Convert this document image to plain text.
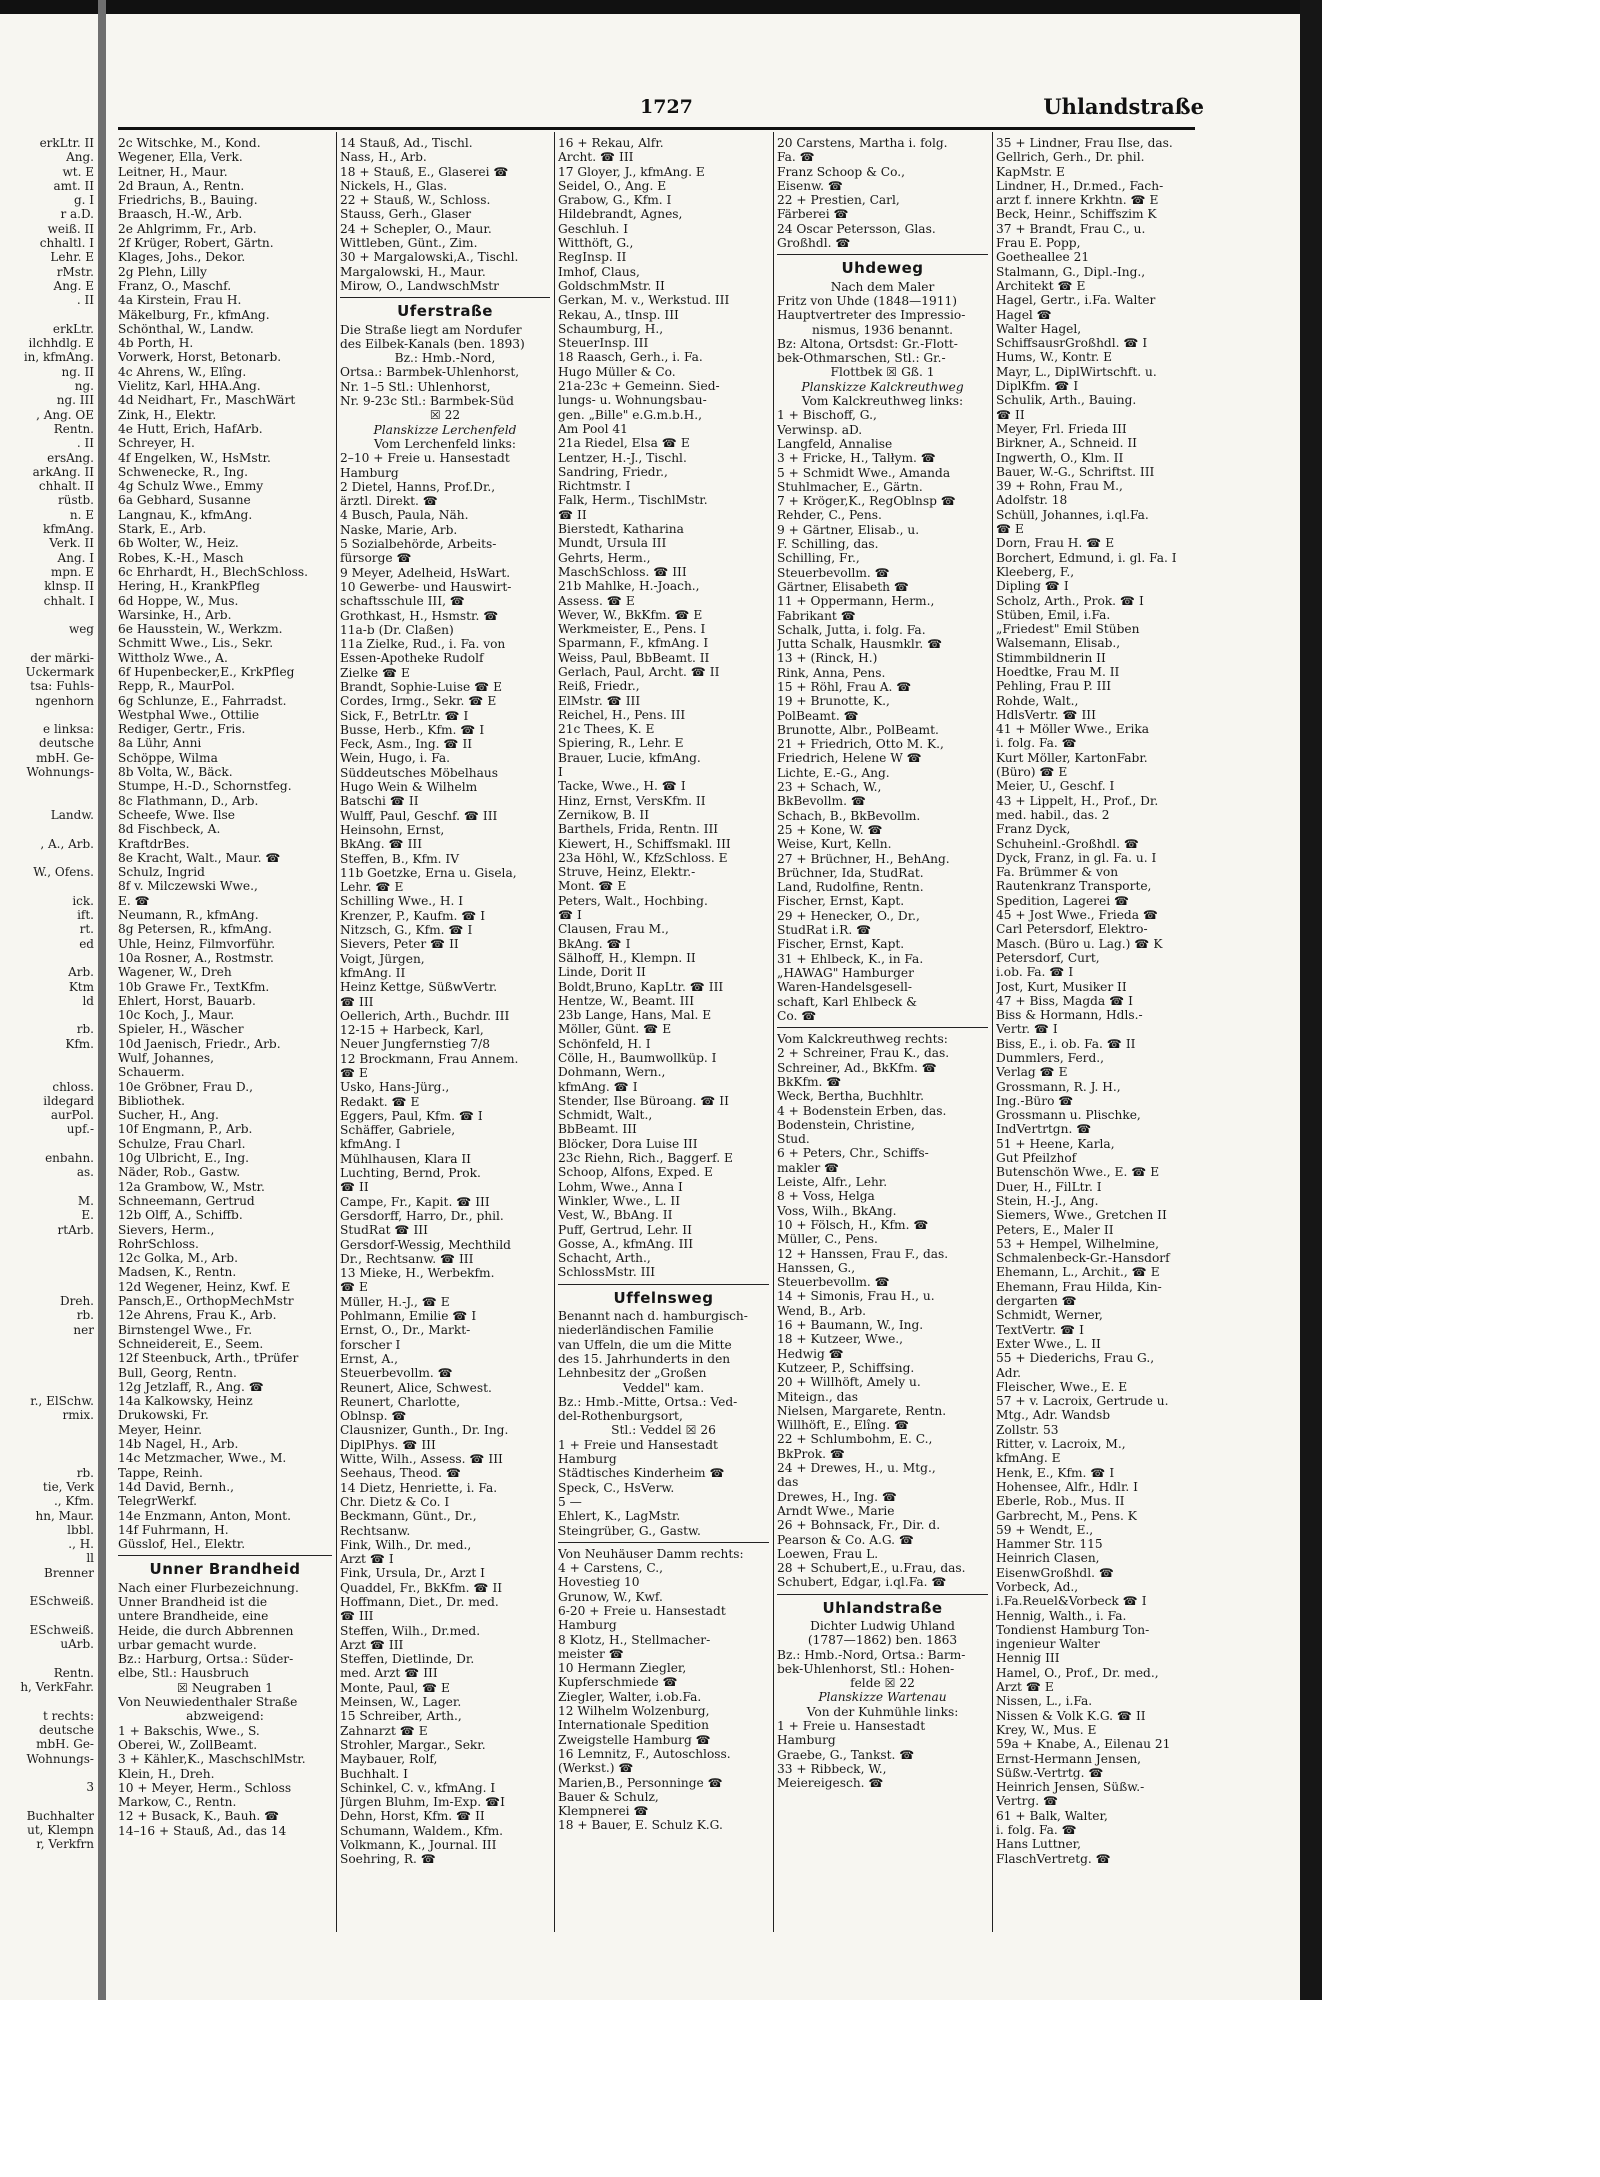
erkLtr. II
Ang.
wt. E
amt. II
g. I
r a.D.
weiß. II
chhaltl. I
Lehr. E
rMstr.
Ang. E
. II

erkLtr.
ilchhdlg. E
in, kfmAng.
ng. II
ng.
ng. III
, Ang. OE
Rentn.
. II
ersAng.
arkAng. II
chhalt. II
rüstb.
n. E
kfmAng.
Verk. II
Ang. I
mpn. E
klnsp. II
chhalt. I

weg

der märki-
Uckermark
tsa: Fuhls-
ngenhorn

e linksa:
deutsche
mbH. Ge-
Wohnungs-

Landw.

, A., Arb.

W., Ofens.

ick.
ift.
rt.
ed

Arb.
Ktm
ld

rb.
Kfm.

chloss.
ildegard
aurPol.
upf.-

enbahn.
as.

M.
E.
rtArb.

Dreh.
rb.
ner

r., ElSchw.
rmix.

rb.
tie, Verk
., Kfm.
hn, Maur.
lbbl.
., H.
ll
Brenner

ESchweiß.

ESchweiß.
uArb.

Rentn.
h, VerkFahr.

t rechts:
deutsche
mbH. Ge-
Wohnungs-

3

Buchhalter
ut, Klempn
r, Verkfrn
1727	Uhlandstraße
2c Witschke, M., Kond.
Wegener, Ella, Verk.
Leitner, H., Maur.
2d Braun, A., Rentn.
Friedrichs, B., Bauing.
Braasch, H.-W., Arb.
2e Ahlgrimm, Fr., Arb.
2f Krüger, Robert, Gärtn.
Klages, Johs., Dekor.
2g Plehn, Lilly
Franz, O., Maschf.
4a Kirstein, Frau H.
Mäkelburg, Fr., kfmAng.
Schönthal, W., Landw.
4b Porth, H.
Vorwerk, Horst, Betonarb.
4c Ahrens, W., Elîng.
Vielitz, Karl, HHA.Ang.
4d Neidhart, Fr., MaschWärt
Zink, H., Elektr.
4e Hutt, Erich, HafArb.
Schreyer, H.
4f Engelken, W., HsMstr.
Schwenecke, R., Ing.
4g Schulz Wwe., Emmy
6a Gebhard, Susanne
Langnau, K., kfmAng.
Stark, E., Arb.
6b Wolter, W., Heiz.
Robes, K.-H., Masch
6c Ehrhardt, H., BlechSchloss.
Hering, H., KrankPfleg
6d Hoppe, W., Mus.
Warsinke, H., Arb.
6e Hausstein, W., Werkzm.
Schmitt Wwe., Lis., Sekr.
Wittholz Wwe., A.
6f Hupenbecker,E., KrkPfleg
Repp, R., MaurPol.
6g Schlunze, E., Fahrradst.
Westphal Wwe., Ottilie
Rediger, Gertr., Fris.
8a Lühr, Anni
Schöppe, Wilma
8b Volta, W., Bäck.
Stumpe, H.-D., Schornstfeg.
8c Flathmann, D., Arb.
Scheefe, Wwe. Ilse
8d Fischbeck, A.
KraftdrBes.
8e Kracht, Walt., Maur. ☎
Schulz, Ingrid
8f v. Milczewski Wwe.,
E. ☎
Neumann, R., kfmAng.
8g Petersen, R., kfmAng.
Uhle, Heinz, Filmvorführ.
10a Rosner, A., Rostmstr.
Wagener, W., Dreh
10b Grawe Fr., TextKfm.
Ehlert, Horst, Bauarb.
10c Koch, J., Maur.
Spieler, H., Wäscher
10d Jaenisch, Friedr., Arb.
Wulf, Johannes,
Schauerm.
10e Gröbner, Frau D.,
Bibliothek.
Sucher, H., Ang.
10f Engmann, P., Arb.
Schulze, Frau Charl.
10g Ulbricht, E., Ing.
Näder, Rob., Gastw.
12a Grambow, W., Mstr.
Schneemann, Gertrud
12b Olff, A., Schiffb.
Sievers, Herm.,
RohrSchloss.
12c Golka, M., Arb.
Madsen, K., Rentn.
12d Wegener, Heinz, Kwf. E
Pansch,E., OrthopMechMstr
12e Ahrens, Frau K., Arb.
Birnstengel Wwe., Fr.
Schneidereit, E., Seem.
12f Steenbuck, Arth., tPrüfer
Bull, Georg, Rentn.
12g Jetzlaff, R., Ang. ☎
14a Kalkowsky, Heinz
Drukowski, Fr.
Meyer, Heinr.
14b Nagel, H., Arb.
14c Metzmacher, Wwe., M.
Tappe, Reinh.
14d David, Bernh.,
TelegrWerkf.
14e Enzmann, Anton, Mont.
14f Fuhrmann, H.
Güsslof, Hel., Elektr.
Unner Brandheid
Nach einer Flurbezeichnung.
Unner Brandheid ist die
untere Brandheide, eine
Heide, die durch Abbrennen
urbar gemacht wurde.
Bz.: Harburg, Ortsa.: Süder-
elbe, Stl.: Hausbruch
☒ Neugraben 1
Von Neuwiedenthaler Straße
abzweigend:
1 + Bakschis, Wwe., S.
Oberei, W., ZollBeamt.
3 + Kähler,K., MaschschlMstr.
Klein, H., Dreh.
10 + Meyer, Herm., Schloss
Markow, C., Rentn.
12 + Busack, K., Bauh. ☎
14–16 + Stauß, Ad., das 14
14 Stauß, Ad., Tischl.
Nass, H., Arb.
18 + Stauß, E., Glaserei ☎
Nickels, H., Glas.
22 + Stauß, W., Schloss.
Stauss, Gerh., Glaser
24 + Schepler, O., Maur.
Wittleben, Günt., Zim.
30 + Margalowski,A., Tischl.
Margalowski, H., Maur.
Mirow, O., LandwschMstr
Uferstraße
Die Straße liegt am Nordufer
des Eilbek-Kanals (ben. 1893)
Bz.: Hmb.-Nord,
Ortsa.: Barmbek-Uhlenhorst,
Nr. 1–5 Stl.: Uhlenhorst,
Nr. 9-23c Stl.: Barmbek-Süd
☒ 22
Planskizze Lerchenfeld
Vom Lerchenfeld links:
2–10 + Freie u. Hansestadt
Hamburg
2 Dietel, Hanns, Prof.Dr.,
ärztl. Direkt. ☎
4 Busch, Paula, Näh.
Naske, Marie, Arb.
5 Sozialbehörde, Arbeits-
fürsorge ☎
9 Meyer, Adelheid, HsWart.
10 Gewerbe- und Hauswirt-
schaftsschule III, ☎
Grothkast, H., Hsmstr. ☎
11a-b (Dr. Claßen)
11a Zielke, Rud., i. Fa. von
Essen-Apotheke Rudolf
Zielke ☎ E
Brandt, Sophie-Luise ☎ E
Cordes, Irmg., Sekr. ☎ E
Sick, F., BetrLtr. ☎ I
Busse, Herb., Kfm. ☎ I
Feck, Asm., Ing. ☎ II
Wein, Hugo, i. Fa.
Süddeutsches Möbelhaus
Hugo Wein & Wilhelm
Batschi ☎ II
Wulff, Paul, Geschf. ☎ III
Heinsohn, Ernst,
BkAng. ☎ III
Steffen, B., Kfm. IV
11b Goetzke, Erna u. Gisela,
Lehr. ☎ E
Schilling Wwe., H. I
Krenzer, P., Kaufm. ☎ I
Nitzsch, G., Kfm. ☎ I
Sievers, Peter ☎ II
Voigt, Jürgen,
kfmAng. II
Heinz Kettge, SüßwVertr.
☎ III
Oellerich, Arth., Buchdr. III
12-15 + Harbeck, Karl,
Neuer Jungfernstieg 7/8
12 Brockmann, Frau Annem.
☎ E
Usko, Hans-Jürg.,
Redakt. ☎ E
Eggers, Paul, Kfm. ☎ I
Schäffer, Gabriele,
kfmAng. I
Mühlhausen, Klara II
Luchting, Bernd, Prok.
☎ II
Campe, Fr., Kapit. ☎ III
Gersdorff, Harro, Dr., phil.
StudRat ☎ III
Gersdorf-Wessig, Mechthild
Dr., Rechtsanw. ☎ III
13 Mieke, H., Werbekfm.
☎ E
Müller, H.-J., ☎ E
Pohlmann, Emilie ☎ I
Ernst, O., Dr., Markt-
forscher I
Ernst, A.,
Steuerbevollm. ☎
Reunert, Alice, Schwest.
Reunert, Charlotte,
Oblnsp. ☎
Clausnizer, Gunth., Dr. Ing.
DiplPhys. ☎ III
Witte, Wilh., Assess. ☎ III
Seehaus, Theod. ☎
14 Dietz, Henriette, i. Fa.
Chr. Dietz & Co. I
Beckmann, Günt., Dr.,
Rechtsanw.
Fink, Wilh., Dr. med.,
Arzt ☎ I
Fink, Ursula, Dr., Arzt I
Quaddel, Fr., BkKfm. ☎ II
Hoffmann, Diet., Dr. med.
☎ III
Steffen, Wilh., Dr.med.
Arzt ☎ III
Steffen, Dietlinde, Dr.
med. Arzt ☎ III
Monte, Paul, ☎ E
Meinsen, W., Lager.
15 Schreiber, Arth.,
Zahnarzt ☎ E
Strohler, Margar., Sekr.
Maybauer, Rolf,
Buchhalt. I
Schinkel, C. v., kfmAng. I
Jürgen Bluhm, Im-Exp. ☎I
Dehn, Horst, Kfm. ☎ II
Schumann, Waldem., Kfm.
Volkmann, K., Journal. III
Soehring, R. ☎
16 + Rekau, Alfr.
Archt. ☎ III
17 Gloyer, J., kfmAng. E
Seidel, O., Ang. E
Grabow, G., Kfm. I
Hildebrandt, Agnes,
Geschluh. I
Witthöft, G.,
RegInsp. II
Imhof, Claus,
GoldschmMstr. II
Gerkan, M. v., Werkstud. III
Rekau, A., tInsp. III
Schaumburg, H.,
SteuerInsp. III
18 Raasch, Gerh., i. Fa.
Hugo Müller & Co.
21a-23c + Gemeinn. Sied-
lungs- u. Wohnungsbau-
gen. „Bille" e.G.m.b.H.,
Am Pool 41
21a Riedel, Elsa ☎ E
Lentzer, H.-J., Tischl.
Sandring, Friedr.,
Richtmstr. I
Falk, Herm., TischlMstr.
☎ II
Bierstedt, Katharina
Mundt, Ursula III
Gehrts, Herm.,
MaschSchloss. ☎ III
21b Mahlke, H.-Joach.,
Assess. ☎ E
Wever, W., BkKfm. ☎ E
Werkmeister, E., Pens. I
Sparmann, F., kfmAng. I
Weiss, Paul, BbBeamt. II
Gerlach, Paul, Archt. ☎ II
Reiß, Friedr.,
ElMstr. ☎ III
Reichel, H., Pens. III
21c Thees, K. E
Spiering, R., Lehr. E
Brauer, Lucie, kfmAng.
I
Tacke, Wwe., H. ☎ I
Hinz, Ernst, VersKfm. II
Zernikow, B. II
Barthels, Frida, Rentn. III
Kiewert, H., Schiffsmakl. III
23a Höhl, W., KfzSchloss. E
Struve, Heinz, Elektr.-
Mont. ☎ E
Peters, Walt., Hochbing.
☎ I
Clausen, Frau M.,
BkAng. ☎ I
Sälhoff, H., Klempn. II
Linde, Dorit II
Boldt,Bruno, KapLtr. ☎ III
Hentze, W., Beamt. III
23b Lange, Hans, Mal. E
Möller, Günt. ☎ E
Schönfeld, H. I
Cölle, H., Baumwollküp. I
Dohmann, Wern.,
kfmAng. ☎ I
Stender, Ilse Büroang. ☎ II
Schmidt, Walt.,
BbBeamt. III
Blöcker, Dora Luise III
23c Riehn, Rich., Baggerf. E
Schoop, Alfons, Exped. E
Lohm, Wwe., Anna I
Winkler, Wwe., L. II
Vest, W., BbAng. II
Puff, Gertrud, Lehr. II
Gosse, A., kfmAng. III
Schacht, Arth.,
SchlossMstr. III
Uffelnsweg
Benannt nach d. hamburgisch-
niederländischen Familie
van Uffeln, die um die Mitte
des 15. Jahrhunderts in den
Lehnbesitz der „Großen
Veddel" kam.
Bz.: Hmb.-Mitte, Ortsa.: Ved-
del-Rothenburgsort,
Stl.: Veddel ☒ 26
1 + Freie und Hansestadt
Hamburg
Städtisches Kinderheim ☎
Speck, C., HsVerw.
5 —
Ehlert, K., LagMstr.
Steingrüber, G., Gastw.
Von Neuhäuser Damm rechts:
4 + Carstens, C.,
Hovestieg 10
Grunow, W., Kwf.
6-20 + Freie u. Hansestadt
Hamburg
8 Klotz, H., Stellmacher-
meister ☎
10 Hermann Ziegler,
Kupferschmiede ☎
Ziegler, Walter, i.ob.Fa.
12 Wilhelm Wolzenburg,
Internationale Spedition
Zweigstelle Hamburg ☎
16 Lemnitz, F., Autoschloss.
(Werkst.) ☎
Marien,B., Personninge ☎
Bauer & Schulz,
Klempnerei ☎
18 + Bauer, E. Schulz K.G.
20 Carstens, Martha i. folg.
Fa. ☎
Franz Schoop & Co.,
Eisenw. ☎
22 + Prestien, Carl,
Färberei ☎
24 Oscar Petersson, Glas.
Großhdl. ☎
Uhdeweg
Nach dem Maler
Fritz von Uhde (1848—1911)
Hauptvertreter des Impressio-
nismus, 1936 benannt.
Bz: Altona, Ortsdst: Gr.-Flott-
bek-Othmarschen, Stl.: Gr.-
Flottbek ☒ Gß. 1
Planskizze Kalckreuthweg
Vom Kalckreuthweg links:
1 + Bischoff, G.,
Verwinsp. aD.
Langfeld, Annalise
3 + Fricke, H., Talłym. ☎
5 + Schmidt Wwe., Amanda
Stuhlmacher, E., Gärtn.
7 + Kröger,K., RegOblnsp ☎
Rehder, C., Pens.
9 + Gärtner, Elisab., u.
F. Schilling, das.
Schilling, Fr.,
Steuerbevollm. ☎
Gärtner, Elisabeth ☎
11 + Oppermann, Herm.,
Fabrikant ☎
Schalk, Jutta, i. folg. Fa.
Jutta Schalk, Hausmklr. ☎
13 + (Rinck, H.)
Rink, Anna, Pens.
15 + Röhl, Frau A. ☎
19 + Brunotte, K.,
PolBeamt. ☎
Brunotte, Albr., PolBeamt.
21 + Friedrich, Otto M. K.,
Friedrich, Helene W ☎
Lichte, E.-G., Ang.
23 + Schach, W.,
BkBevollm. ☎
Schach, B., BkBevollm.
25 + Kone, W. ☎
Weise, Kurt, Kelln.
27 + Brüchner, H., BehAng.
Brüchner, Ida, StudRat.
Land, Rudolfine, Rentn.
Fischer, Ernst, Kapt.
29 + Henecker, O., Dr.,
StudRat i.R. ☎
Fischer, Ernst, Kapt.
31 + Ehlbeck, K., in Fa.
„HAWAG" Hamburger
Waren-Handelsgesell-
schaft, Karl Ehlbeck &
Co. ☎
Vom Kalckreuthweg rechts:
2 + Schreiner, Frau K., das.
Schreiner, Ad., BkKfm. ☎
BkKfm. ☎
Weck, Bertha, Buchhltr.
4 + Bodenstein Erben, das.
Bodenstein, Christine,
Stud.
6 + Peters, Chr., Schiffs-
makler ☎
Leiste, Alfr., Lehr.
8 + Voss, Helga
Voss, Wilh., BkAng.
10 + Fölsch, H., Kfm. ☎
Müller, C., Pens.
12 + Hanssen, Frau F., das.
Hanssen, G.,
Steuerbevollm. ☎
14 + Simonis, Frau H., u.
Wend, B., Arb.
16 + Baumann, W., Ing.
18 + Kutzeer, Wwe.,
Hedwig ☎
Kutzeer, P., Schiffsing.
20 + Willhöft, Amely u.
Miteign., das
Nielsen, Margarete, Rentn.
Willhöft, E., Elîng. ☎
22 + Schlumbohm, E. C.,
BkProk. ☎
24 + Drewes, H., u. Mtg.,
das
Drewes, H., Ing. ☎
Arndt Wwe., Marie
26 + Bohnsack, Fr., Dir. d.
Pearson & Co. A.G. ☎
Loewen, Frau L.
28 + Schubert,E., u.Frau, das.
Schubert, Edgar, i.ql.Fa. ☎
Uhlandstraße
Dichter Ludwig Uhland
(1787—1862) ben. 1863
Bz.: Hmb.-Nord, Ortsa.: Barm-
bek-Uhlenhorst, Stl.: Hohen-
felde ☒ 22
Planskizze Wartenau
Von der Kuhmühle links:
1 + Freie u. Hansestadt
Hamburg
Graebe, G., Tankst. ☎
33 + Ribbeck, W.,
Meiereigesch. ☎
35 + Lindner, Frau Ilse, das.
Gellrich, Gerh., Dr. phil.
KapMstr. E
Lindner, H., Dr.med., Fach-
arzt f. innere Krkhtn. ☎ E
Beck, Heinr., Schiffszim K
37 + Brandt, Frau C., u.
Frau E. Popp,
Goetheallee 21
Stalmann, G., Dipl.-Ing.,
Architekt ☎ E
Hagel, Gertr., i.Fa. Walter
Hagel ☎
Walter Hagel,
SchiffsausrGroßhdl. ☎ I
Hums, W., Kontr. E
Mayr, L., DiplWirtschft. u.
DiplKfm. ☎ I
Schulik, Arth., Bauing.
☎ II
Meyer, Frl. Frieda III
Birkner, A., Schneid. II
Ingwerth, O., Klm. II
Bauer, W.-G., Schriftst. III
39 + Rohn, Frau M.,
Adolfstr. 18
Schüll, Johannes, i.ql.Fa.
☎ E
Dorn, Frau H. ☎ E
Borchert, Edmund, i. gl. Fa. I
Kleeberg, F.,
Dipling ☎ I
Scholz, Arth., Prok. ☎ I
Stüben, Emil, i.Fa.
„Friedest" Emil Stüben
Walsemann, Elisab.,
Stimmbildnerin II
Hoedtke, Frau M. II
Pehling, Frau P. III
Rohde, Walt.,
HdlsVertr. ☎ III
41 + Möller Wwe., Erika
i. folg. Fa. ☎
Kurt Möller, KartonFabr.
(Büro) ☎ E
Meier, U., Geschf. I
43 + Lippelt, H., Prof., Dr.
med. habil., das. 2
Franz Dyck,
Schuheinl.-Großhdl. ☎
Dyck, Franz, in gl. Fa. u. I
Fa. Brümmer & von
Rautenkranz Transporte,
Spedition, Lagerei ☎
45 + Jost Wwe., Frieda ☎
Carl Petersdorf, Elektro-
Masch. (Büro u. Lag.) ☎ K
Petersdorf, Curt,
i.ob. Fa. ☎ I
Jost, Kurt, Musiker II
47 + Biss, Magda ☎ I
Biss & Hormann, Hdls.-
Vertr. ☎ I
Biss, E., i. ob. Fa. ☎ II
Dummlers, Ferd.,
Verlag ☎ E
Grossmann, R. J. H.,
Ing.-Büro ☎
Grossmann u. Plischke,
IndVertrtgn. ☎
51 + Heene, Karla,
Gut Pfeilzhof
Butenschön Wwe., E. ☎ E
Duer, H., FilLtr. I
Stein, H.-J., Ang.
Siemers, Wwe., Gretchen II
Peters, E., Maler II
53 + Hempel, Wilhelmine,
Schmalenbeck-Gr.-Hansdorf
Ehemann, L., Archit., ☎ E
Ehemann, Frau Hilda, Kin-
dergarten ☎
Schmidt, Werner,
TextVertr. ☎ I
Exter Wwe., L. II
55 + Diederichs, Frau G.,
Adr.
Fleischer, Wwe., E. E
57 + v. Lacroix, Gertrude u.
Mtg., Adr. Wandsb
Zollstr. 53
Ritter, v. Lacroix, M.,
kfmAng. E
Henk, E., Kfm. ☎ I
Hohensee, Alfr., Hdlr. I
Eberle, Rob., Mus. II
Garbrecht, M., Pens. K
59 + Wendt, E.,
Hammer Str. 115
Heinrich Clasen,
EisenwGroßhdl. ☎
Vorbeck, Ad.,
i.Fa.Reuel&Vorbeck ☎ I
Hennig, Walth., i. Fa.
Tondienst Hamburg Ton-
ingenieur Walter
Hennig III
Hamel, O., Prof., Dr. med.,
Arzt ☎ E
Nissen, L., i.Fa.
Nissen & Volk K.G. ☎ II
Krey, W., Mus. E
59a + Knabe, A., Eilenau 21
Ernst-Hermann Jensen,
Süßw.-Vertrtg. ☎
Heinrich Jensen, Süßw.-
Vertrg. ☎
61 + Balk, Walter,
i. folg. Fa. ☎
Hans Luttner,
FlaschVertretg. ☎
